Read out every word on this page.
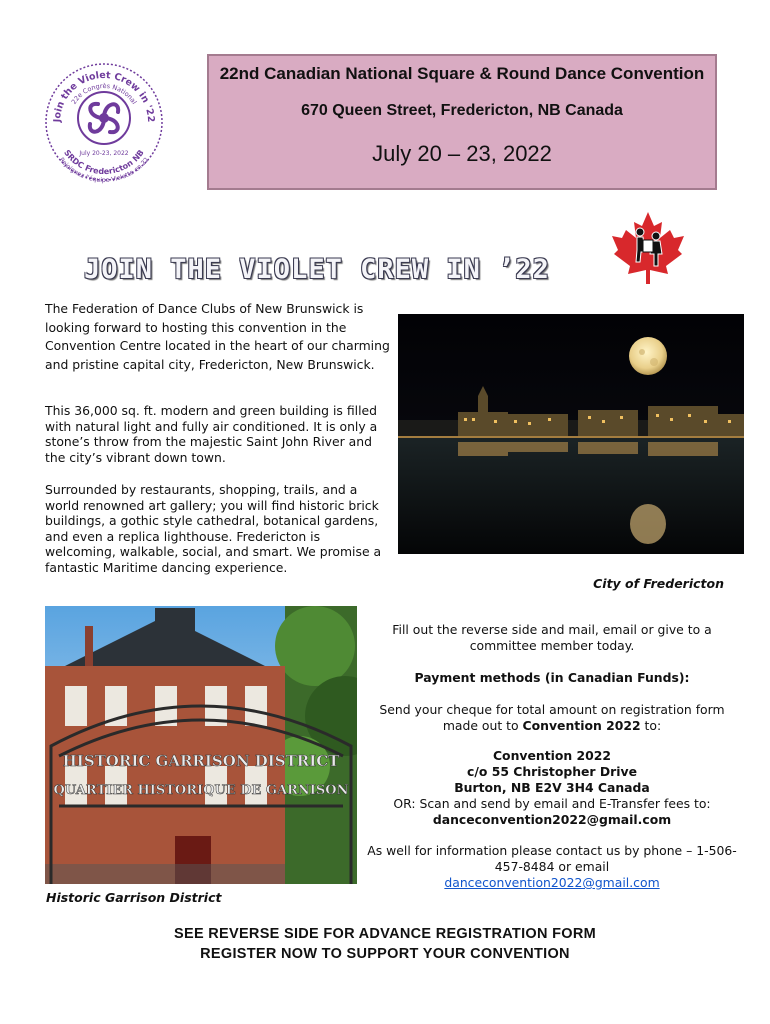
Join the Violet Crew in '22
22e Congrès National
July 20-23, 2022
SRDC Fredericton NB
Rejoignez l'équipe Violette en 22
22nd Canadian National Square & Round Dance Convention
670 Queen Street, Fredericton, NB Canada
July 20 – 23, 2022
JOIN THE VIOLET CREW IN ’22
The Federation of Dance Clubs of New Brunswick is looking forward to hosting this convention in the Convention Centre located in the heart of our charming and pristine capital city, Fredericton, New Brunswick.
This 36,000 sq. ft. modern and green building is filled with natural light and fully air conditioned. It is only a stone’s throw from the majestic Saint John River and the city’s vibrant down town.
Surrounded by restaurants, shopping, trails, and a world renowned art gallery; you will find historic brick buildings, a gothic style cathedral, botanical gardens, and even a replica lighthouse. Fredericton is welcoming, walkable, social, and smart. We promise a fantastic Maritime dancing experience.
City of Fredericton
HISTORIC GARRISON DISTRICT
QUARTIER HISTORIQUE DE GARNISON
Historic Garrison District
Fill out the reverse side and mail, email or give to a committee member today.
Payment methods (in Canadian Funds):
Send your cheque for total amount on registration form made out to Convention 2022 to:
Convention 2022
c/o 55 Christopher Drive
Burton, NB E2V 3H4 Canada
OR: Scan and send by email and E-Transfer fees to:
danceconvention2022@gmail.com
As well for information please contact us by phone – 1-506-457-8484 or email
danceconvention2022@gmail.com
SEE REVERSE SIDE FOR ADVANCE REGISTRATION FORM
REGISTER NOW TO SUPPORT YOUR CONVENTION
